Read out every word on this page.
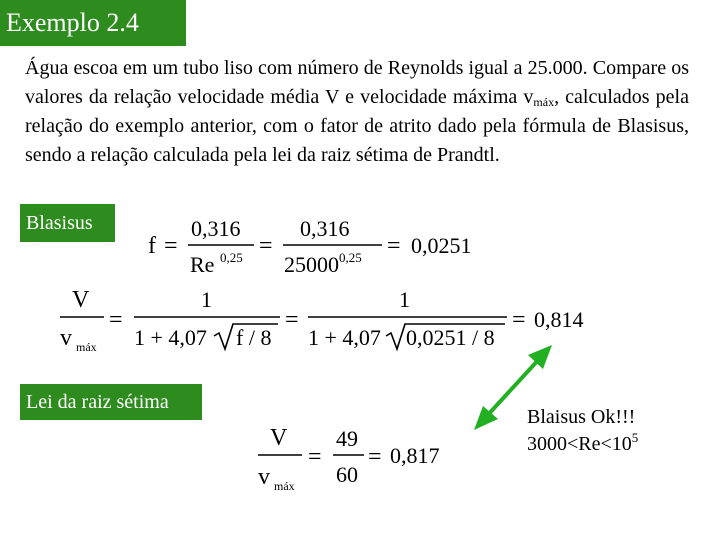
Exemplo 2.4

Água escoa em um tubo liso com número de Reynolds igual a 25.000. Compare os valores da relação velocidade média V e velocidade máxima $v_{máx}$, calculados pela relação do exemplo anterior, com o fator de atrito dado pela fórmula de Blasisus, sendo a relação calculada pela lei da raiz sétima de Prandtl.

Blasisus
Lei da raiz sétima
f =
0,316
Re 0,25 =
0,316
25000 0,25 = 0,0251
V
v máx
=
1
1 + 4,07 f / 8
=
1
1 + 4,07 0,0251 / 8
= 0,814
V
v máx
=
49
60
= 0,817
Blaisus Ok!!!
$3000<Re<10^5$
